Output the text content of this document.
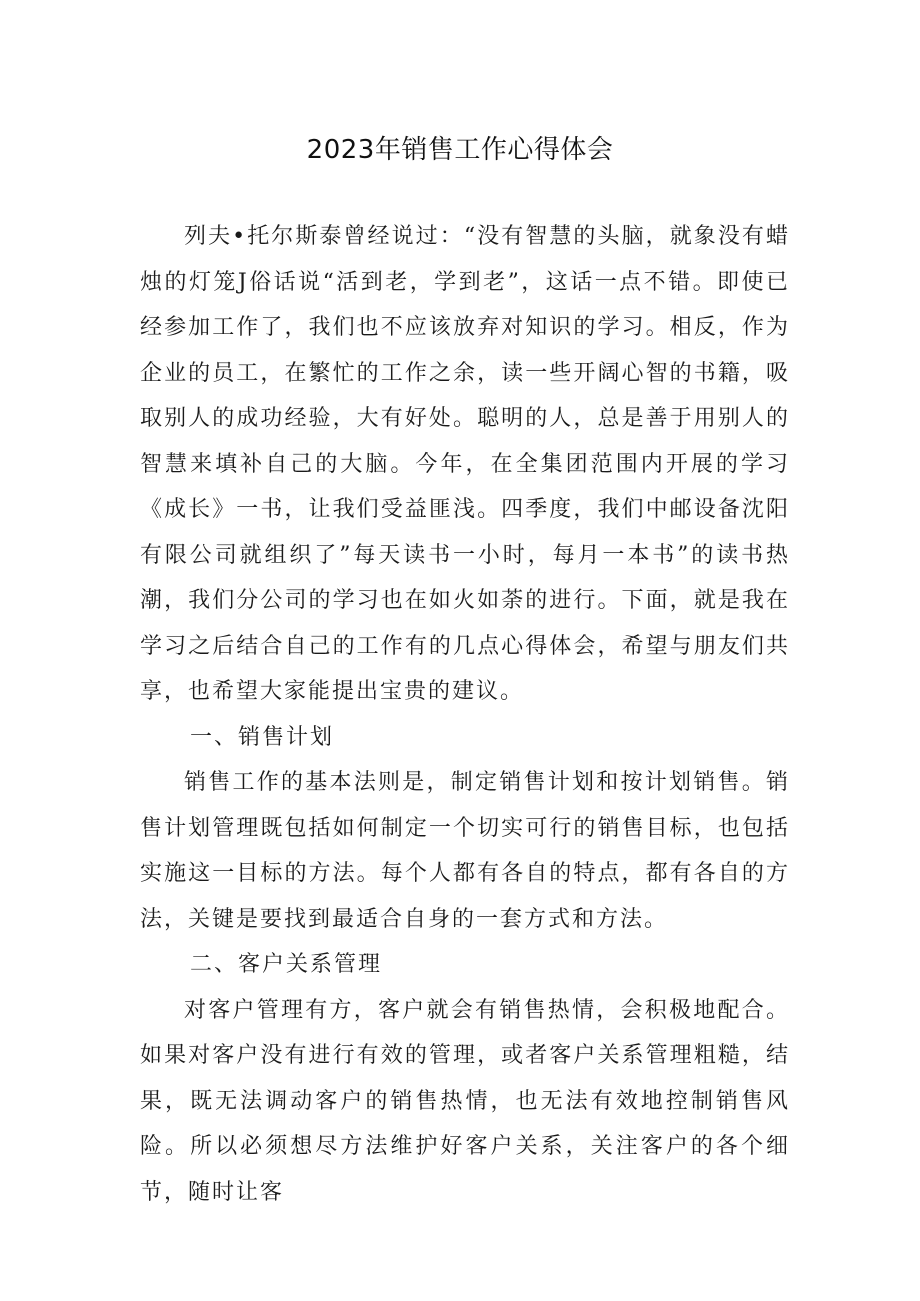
2023年销售工作心得体会

列夫•托尔斯泰曾经说过：“没有智慧的头脑，就象没有蜡烛的灯笼J俗话说“活到老，学到老”，这话一点不错。即使已经参加工作了，我们也不应该放弃对知识的学习。相反，作为企业的员工，在繁忙的工作之余，读一些开阔心智的书籍，吸取别人的成功经验，大有好处。聪明的人，总是善于用别人的智慧来填补自己的大脑。今年，在全集团范围内开展的学习《成长》一书，让我们受益匪浅。四季度，我们中邮设备沈阳有限公司就组织了”每天读书一小时，每月一本书”的读书热潮，我们分公司的学习也在如火如荼的进行。下面，就是我在学习之后结合自己的工作有的几点心得体会，希望与朋友们共享，也希望大家能提出宝贵的建议。

一、销售计划

销售工作的基本法则是，制定销售计划和按计划销售。销售计划管理既包括如何制定一个切实可行的销售目标，也包括实施这一目标的方法。每个人都有各自的特点，都有各自的方法，关键是要找到最适合自身的一套方式和方法。

二、客户关系管理

对客户管理有方，客户就会有销售热情，会积极地配合。如果对客户没有进行有效的管理，或者客户关系管理粗糙，结果，既无法调动客户的销售热情，也无法有效地控制销售风险。所以必须想尽方法维护好客户关系，关注客户的各个细节，随时让客
